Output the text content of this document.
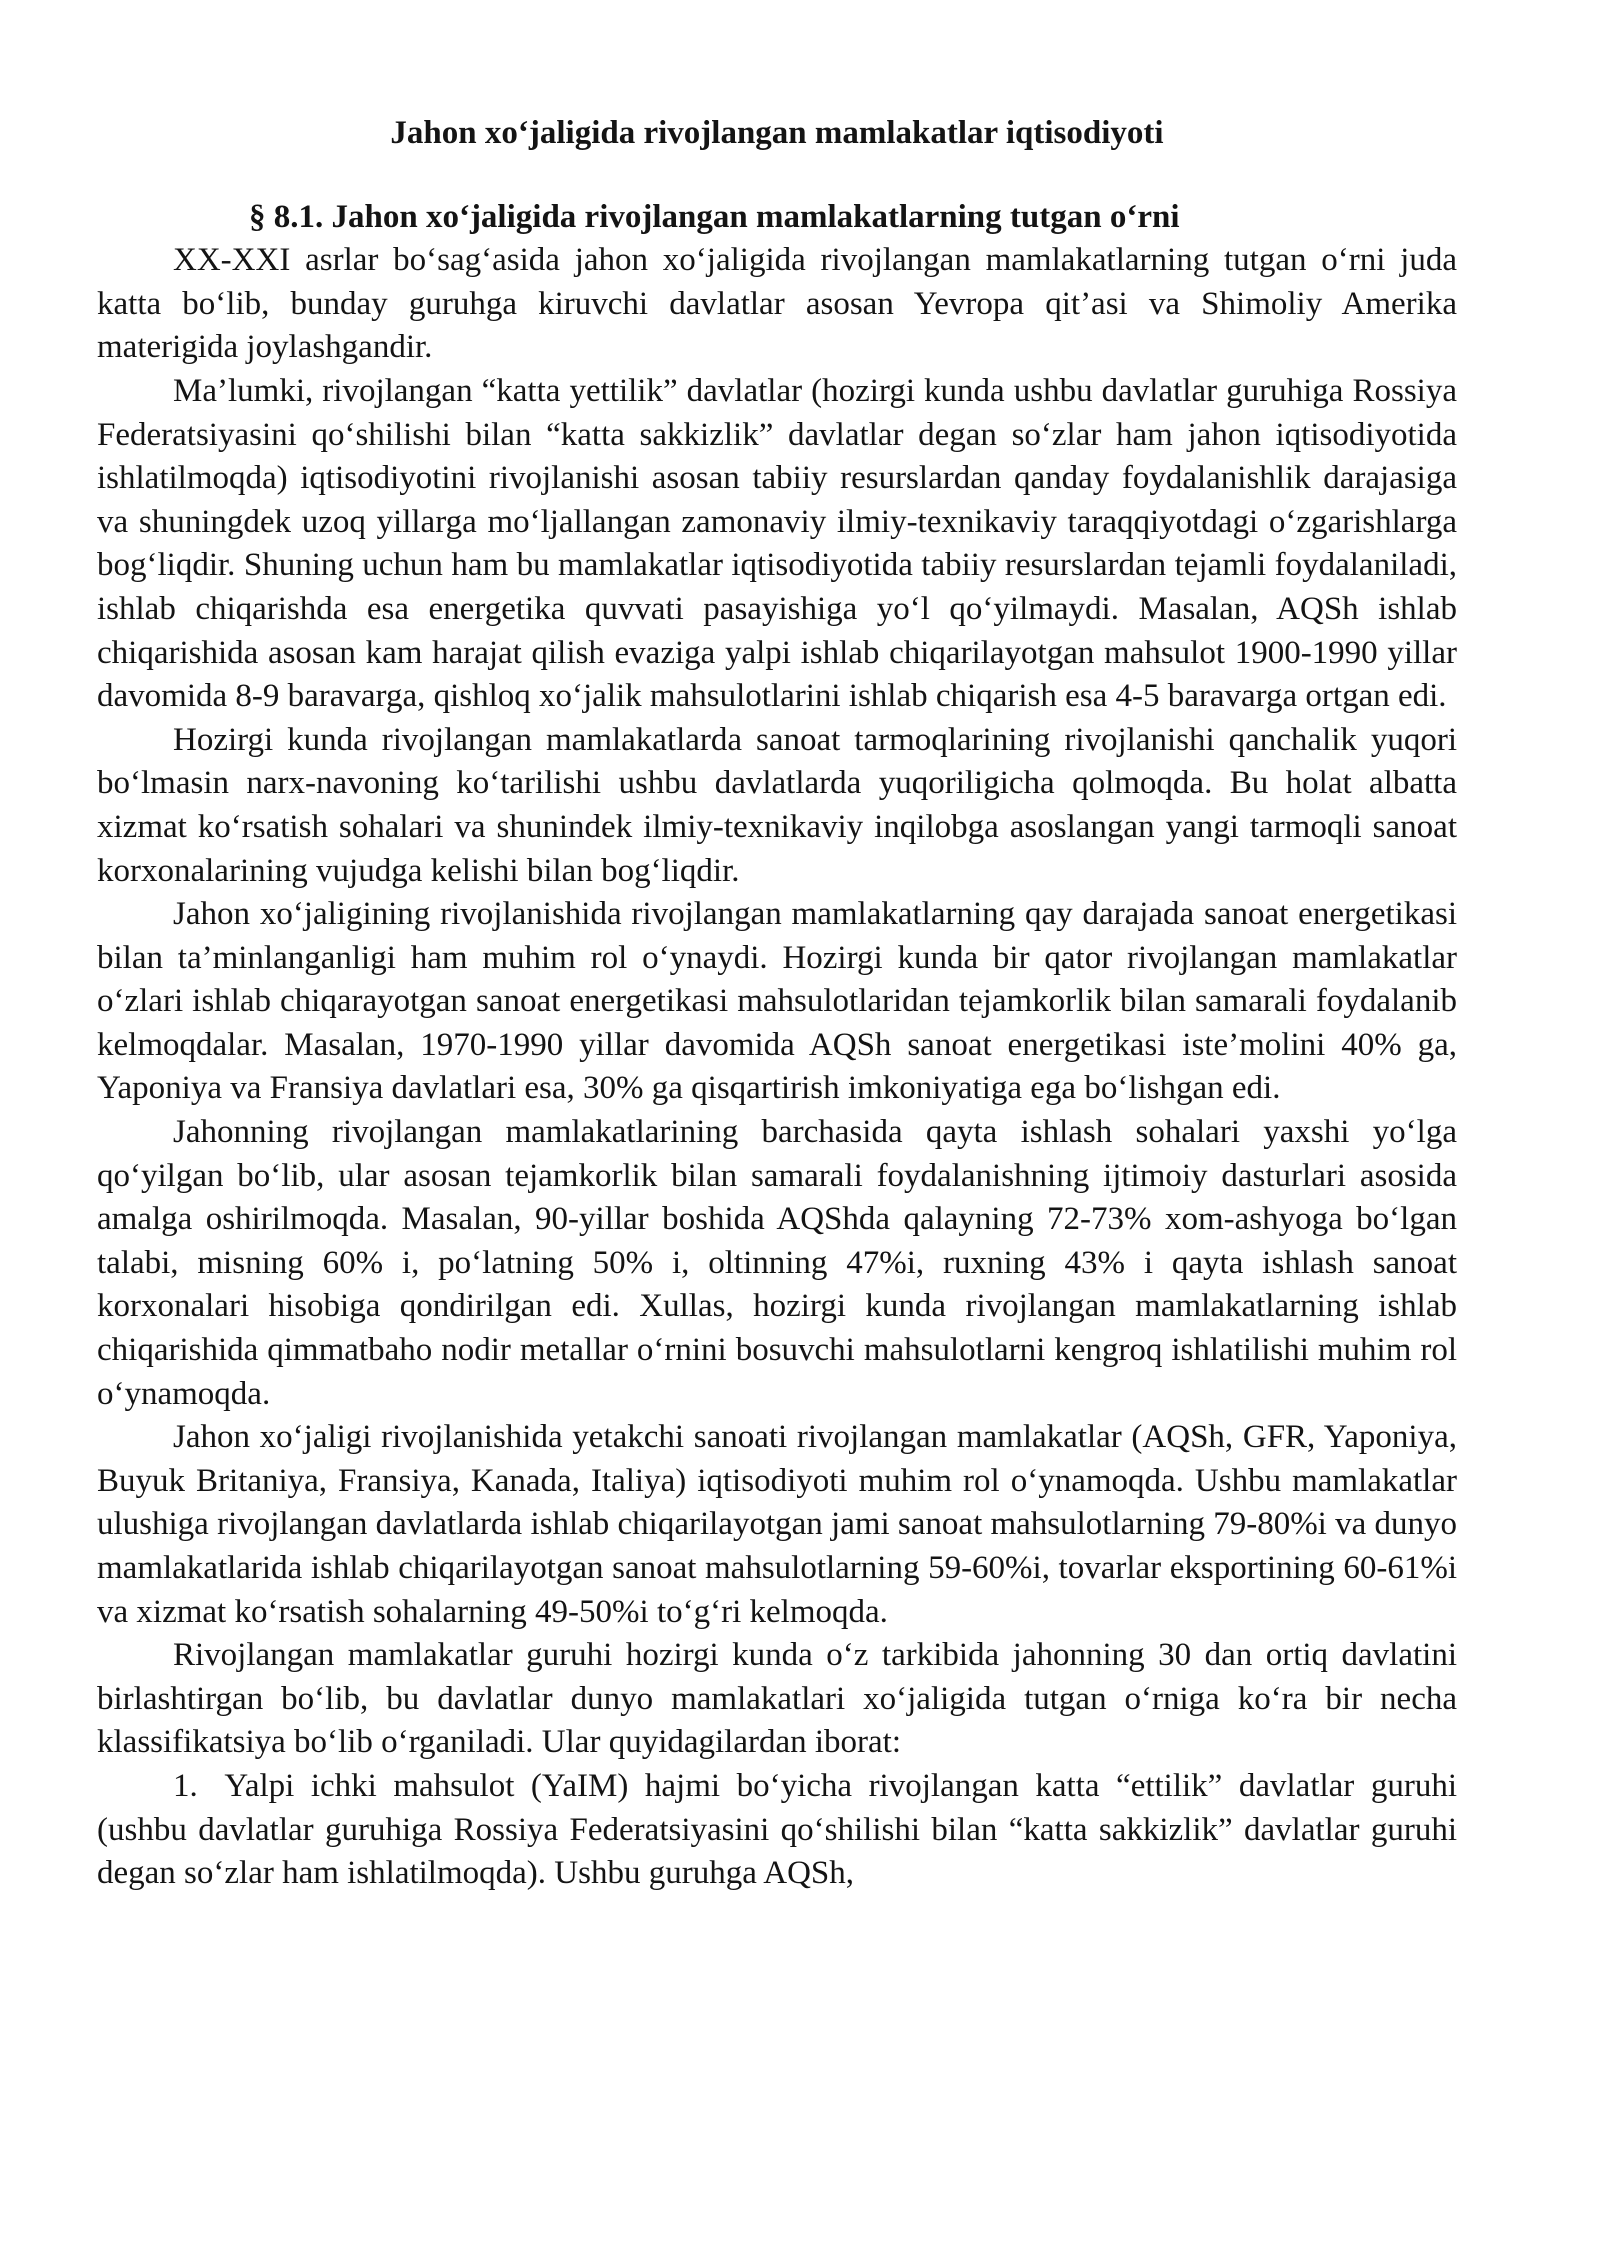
Jahon xo‘jaligida rivojlangan mamlakatlar iqtisodiyoti

§ 8.1. Jahon xo‘jaligida rivojlangan mamlakatlarning tutgan o‘rni

XX-XXI asrlar bo‘sag‘asida jahon xo‘jaligida rivojlangan mamlakatlarning tutgan o‘rni juda katta bo‘lib, bunday guruhga kiruvchi davlatlar asosan Yevropa qit’asi va Shimoliy Amerika materigida joylashgandir.

Ma’lumki, rivojlangan “katta yettilik” davlatlar (hozirgi kunda ushbu davlatlar guruhiga Rossiya Federatsiyasini qo‘shilishi bilan “katta sakkizlik” davlatlar degan so‘zlar ham jahon iqtisodiyotida ishlatilmoqda) iqtisodiyotini rivojlanishi asosan tabiiy resurslardan qanday foydalanishlik darajasiga va shuningdek uzoq yillarga mo‘ljallangan zamonaviy ilmiy-texnikaviy taraqqiyotdagi o‘zgarishlarga bog‘liqdir. Shuning uchun ham bu mamlakatlar iqtisodiyotida tabiiy resurslardan tejamli foydalaniladi, ishlab chiqarishda esa energetika quvvati pasayishiga yo‘l qo‘yilmaydi. Masalan, AQSh ishlab chiqarishida asosan kam harajat qilish evaziga yalpi ishlab chiqarilayotgan mahsulot 1900-1990 yillar davomida 8-9 baravarga, qishloq xo‘jalik mahsulotlarini ishlab chiqarish esa 4-5 baravarga ortgan edi.

Hozirgi kunda rivojlangan mamlakatlarda sanoat tarmoqlarining rivojlanishi qanchalik yuqori bo‘lmasin narx-navoning ko‘tarilishi ushbu davlatlarda yuqoriligicha qolmoqda. Bu holat albatta xizmat ko‘rsatish sohalari va shunindek ilmiy-texnikaviy inqilobga asoslangan yangi tarmoqli sanoat korxonalarining vujudga kelishi bilan bog‘liqdir.

Jahon xo‘jaligining rivojlanishida rivojlangan mamlakatlarning qay darajada sanoat energetikasi bilan ta’minlanganligi ham muhim rol o‘ynaydi. Hozirgi kunda bir qator rivojlangan mamlakatlar o‘zlari ishlab chiqarayotgan sanoat energetikasi mahsulotlaridan tejamkorlik bilan samarali foydalanib kelmoqdalar. Masalan, 1970-1990 yillar davomida AQSh sanoat energetikasi iste’molini 40% ga, Yaponiya va Fransiya davlatlari esa, 30% ga qisqartirish imkoniyatiga ega bo‘lishgan edi.

Jahonning rivojlangan mamlakatlarining barchasida qayta ishlash sohalari yaxshi yo‘lga qo‘yilgan bo‘lib, ular asosan tejamkorlik bilan samarali foydalanishning ijtimoiy dasturlari asosida amalga oshirilmoqda. Masalan, 90-yillar boshida AQShda qalayning 72-73% xom-ashyoga bo‘lgan talabi, misning 60% i, po‘latning 50% i, oltinning 47%i, ruxning 43% i qayta ishlash sanoat korxonalari hisobiga qondirilgan edi. Xullas, hozirgi kunda rivojlangan mamlakatlarning ishlab chiqarishida qimmatbaho nodir metallar o‘rnini bosuvchi mahsulotlarni kengroq ishlatilishi muhim rol o‘ynamoqda.

Jahon xo‘jaligi rivojlanishida yetakchi sanoati rivojlangan mamlakatlar (AQSh, GFR, Yaponiya, Buyuk Britaniya, Fransiya, Kanada, Italiya) iqtisodiyoti muhim rol o‘ynamoqda. Ushbu mamlakatlar ulushiga rivojlangan davlatlarda ishlab chiqarilayotgan jami sanoat mahsulotlarning 79-80%i va dunyo mamlakatlarida ishlab chiqarilayotgan sanoat mahsulotlarning 59-60%i, tovarlar eksportining 60-61%i va xizmat ko‘rsatish sohalarning 49-50%i to‘g‘ri kelmoqda.

Rivojlangan mamlakatlar guruhi hozirgi kunda o‘z tarkibida jahonning 30 dan ortiq davlatini birlashtirgan bo‘lib, bu davlatlar dunyo mamlakatlari xo‘jaligida tutgan o‘rniga ko‘ra bir necha klassifikatsiya bo‘lib o‘rganiladi. Ular quyidagilardan iborat:

1. Yalpi ichki mahsulot (YaIM) hajmi bo‘yicha rivojlangan katta “ettilik” davlatlar guruhi (ushbu davlatlar guruhiga Rossiya Federatsiyasini qo‘shilishi bilan “katta sakkizlik” davlatlar guruhi degan so‘zlar ham ishlatilmoqda). Ushbu guruhga AQSh,
